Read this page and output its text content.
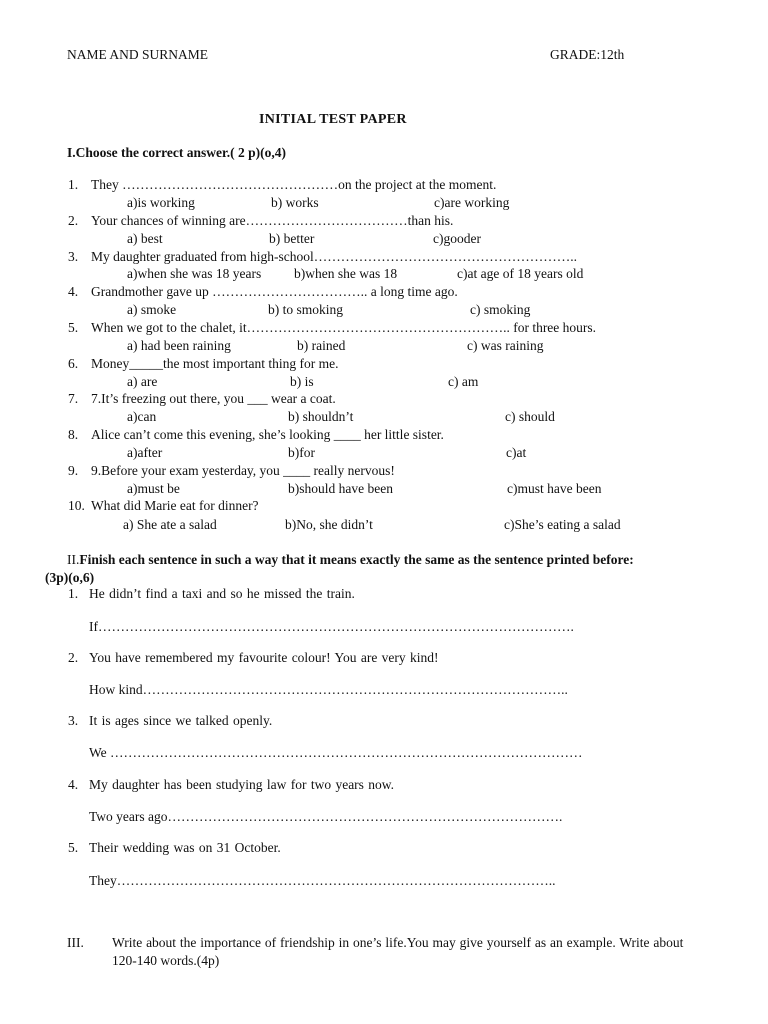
NAME AND SURNAME	GRADE:12th
INITIAL TEST PAPER
I.Choose the correct answer.( 2 p)(o,4)
1. They …………………………………………on the project at the moment.
a)is working	b) works	c)are working
2. Your chances of winning are………………………………than his.
a) best	b) better	c)gooder
3. My daughter graduated from high-school…………………………………………………..
a)when she was 18 years b)when she was 18	c)at age of 18 years old
4. Grandmother gave up …………………………….. a long time ago.
a) smoke	b) to smoking	c) smoking
5. When we got to the chalet, it………………………………………………….. for three hours.
a) had been raining	b) rained	c) was raining
6. Money_____the most important thing for me.
a) are	b) is	c) am
7. 7.It’s freezing out there, you ___ wear a coat.
a)can	b) shouldn’t	c) should
8. Alice can’t come this evening, she’s looking ____ her little sister.
a)after	b)for	c)at
9. 9.Before your exam yesterday, you ____ really nervous!
a)must be	b)should have been	c)must have been
10. What did Marie eat for dinner?
a) She ate a salad	b)No, she didn’t	c)She’s eating a salad
II.Finish each sentence in such a way that it means exactly the same as the sentence printed before:
(3p)(o,6)
1. He didn’t find a taxi and so he missed the train.
If…………………………………………………………………………………………….
2. You have remembered my favourite colour! You are very kind!
How kind…………………………………………………………………………………..
3. It is ages since we talked openly.
We ……………………………………………………………………………………………
4. My daughter has been studying law for two years now.
Two years ago…………………………………………………………………………….
5. Their wedding was on 31 October.
They……………………………………………………………………………………..
III. Write about the importance of friendship in one’s life.You may give yourself as an example. Write about
120-140 words.(4p)
